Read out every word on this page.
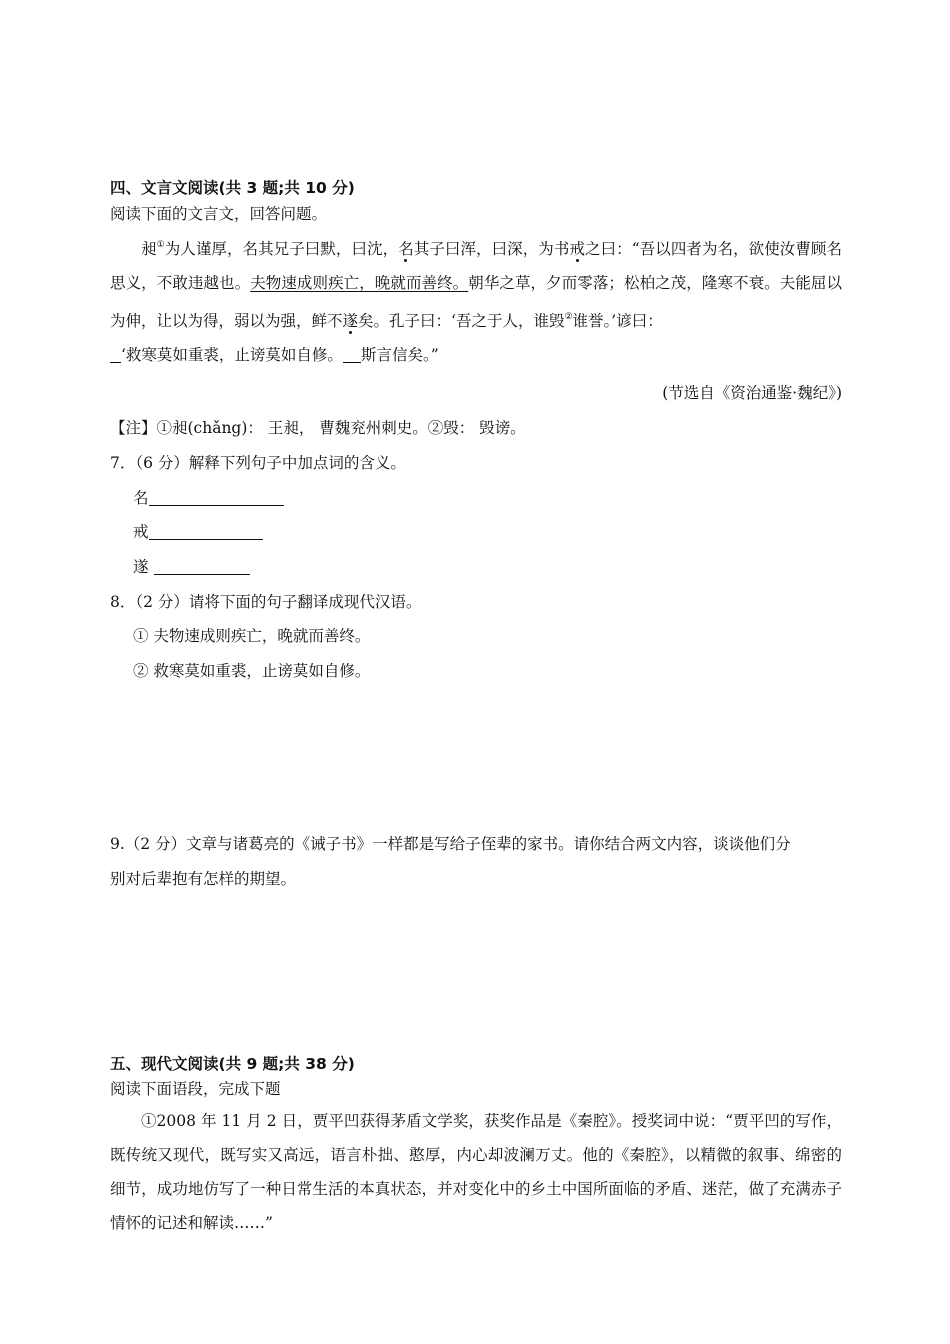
四、文言文阅读(共 3 题;共 10 分)
阅读下面的文言文，回答问题。
昶①为人谨厚，名其兄子曰默，曰沈，名其子曰浑，曰深，为书戒之曰：“吾以四者为名，欲使汝曹顾名思义，不敢违越也。夫物速成则疾亡，晚就而善终。朝华之草，夕而零落；松柏之茂，隆寒不衰。夫能屈以为伸，让以为得，弱以为强，鲜不遂矣。孔子曰：‘吾之于人，谁毁②谁誉。’谚曰：
‘救寒莫如重裘，止谤莫如自修。 斯言信矣。”
(节选自《资治通鉴·魏纪》)
【注】①昶(chǎng)： 王昶， 曹魏兖州刺史。②毁： 毁谤。
7．（6 分）解释下列句子中加点词的含义。
名
戒
遂
8．（2 分）请将下面的句子翻译成现代汉语。
① 夫物速成则疾亡，晚就而善终。
② 救寒莫如重裘，止谤莫如自修。
9.（2 分）文章与诸葛亮的《诫子书》一样都是写给子侄辈的家书。请你结合两文内容，谈谈他们分
别对后辈抱有怎样的期望。
五、现代文阅读(共 9 题;共 38 分)
阅读下面语段，完成下题
①2008 年 11 月 2 日，贾平凹获得茅盾文学奖，获奖作品是《秦腔》。授奖词中说：“贾平凹的写作，既传统又现代，既写实又高远，语言朴拙、憨厚，内心却波澜万丈。他的《秦腔》，以精微的叙事、绵密的细节，成功地仿写了一种日常生活的本真状态，并对变化中的乡土中国所面临的矛盾、迷茫，做了充满赤子情怀的记述和解读……”
